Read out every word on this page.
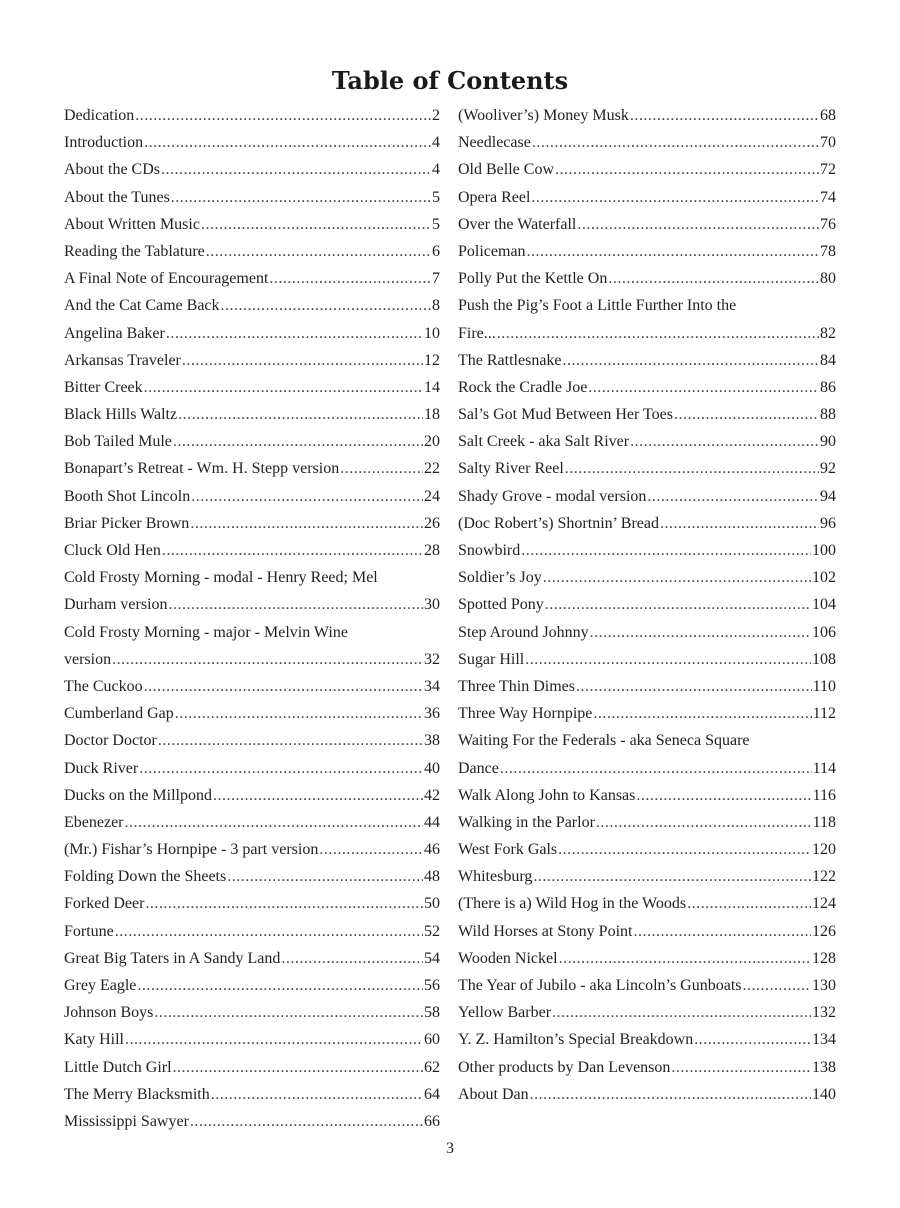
Table of Contents
Dedication .....	2
Introduction .....	4
About the CDs .....	4
About the Tunes .....	5
About Written Music .....	5
Reading the Tablature .....	6
A Final Note of Encouragement .....	7
And the Cat Came Back .....	8
Angelina Baker .....	10
Arkansas Traveler .....	12
Bitter Creek .....	14
Black Hills Waltz .....	18
Bob Tailed Mule .....	20
Bonapart’s Retreat - Wm. H. Stepp version .....	22
Booth Shot Lincoln .....	24
Briar Picker Brown .....	26
Cluck Old Hen .....	28
Cold Frosty Morning - modal - Henry Reed; Mel
Durham version .....	30
Cold Frosty Morning - major - Melvin Wine
version .....	32
The Cuckoo .....	34
Cumberland Gap .....	36
Doctor Doctor .....	38
Duck River .....	40
Ducks on the Millpond .....	42
Ebenezer .....	44
(Mr.) Fishar’s Hornpipe - 3 part version .....	46
Folding Down the Sheets .....	48
Forked Deer .....	50
Fortune .....	52
Great Big Taters in A Sandy Land .....	54
Grey Eagle .....	56
Johnson Boys .....	58
Katy Hill .....	60
Little Dutch Girl .....	62
The Merry Blacksmith .....	64
Mississippi Sawyer .....	66
(Wooliver’s) Money Musk .....	68
Needlecase .....	70
Old Belle Cow .....	72
Opera Reel .....	74
Over the Waterfall .....	76
Policeman .....	78
Polly Put the Kettle On .....	80
Push the Pig’s Foot a Little Further Into the
Fire... .....	82
The Rattlesnake .....	84
Rock the Cradle Joe .....	86
Sal’s Got Mud Between Her Toes .....	88
Salt Creek - aka Salt River .....	90
Salty River Reel .....	92
Shady Grove - modal version .....	94
(Doc Robert’s) Shortnin’ Bread .....	96
Snowbird .....	100
Soldier’s Joy .....	102
Spotted Pony .....	104
Step Around Johnny .....	106
Sugar Hill .....	108
Three Thin Dimes .....	110
Three Way Hornpipe .....	112
Waiting For the Federals - aka Seneca Square
Dance .....	114
Walk Along John to Kansas .....	116
Walking in the Parlor .....	118
West Fork Gals .....	120
Whitesburg .....	122
(There is a) Wild Hog in the Woods .....	124
Wild Horses at Stony Point .....	126
Wooden Nickel .....	128
The Year of Jubilo - aka Lincoln’s Gunboats .....	130
Yellow Barber .....	132
Y. Z. Hamilton’s Special Breakdown .....	134
Other products by Dan Levenson .....	138
About Dan .....	140
3
